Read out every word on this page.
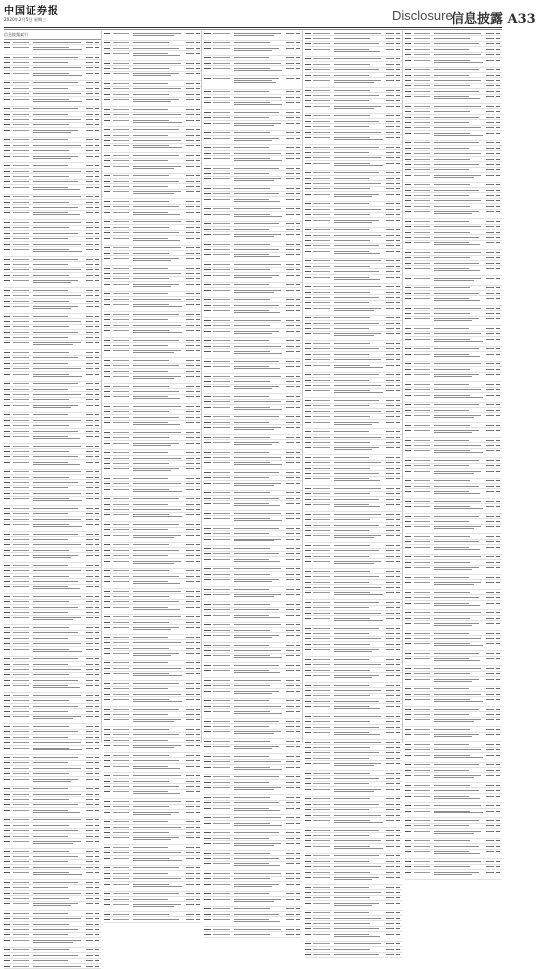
中国证券报
2020年2月5日 星期三	Disclosure
信息披露 A33
信息披露索引
